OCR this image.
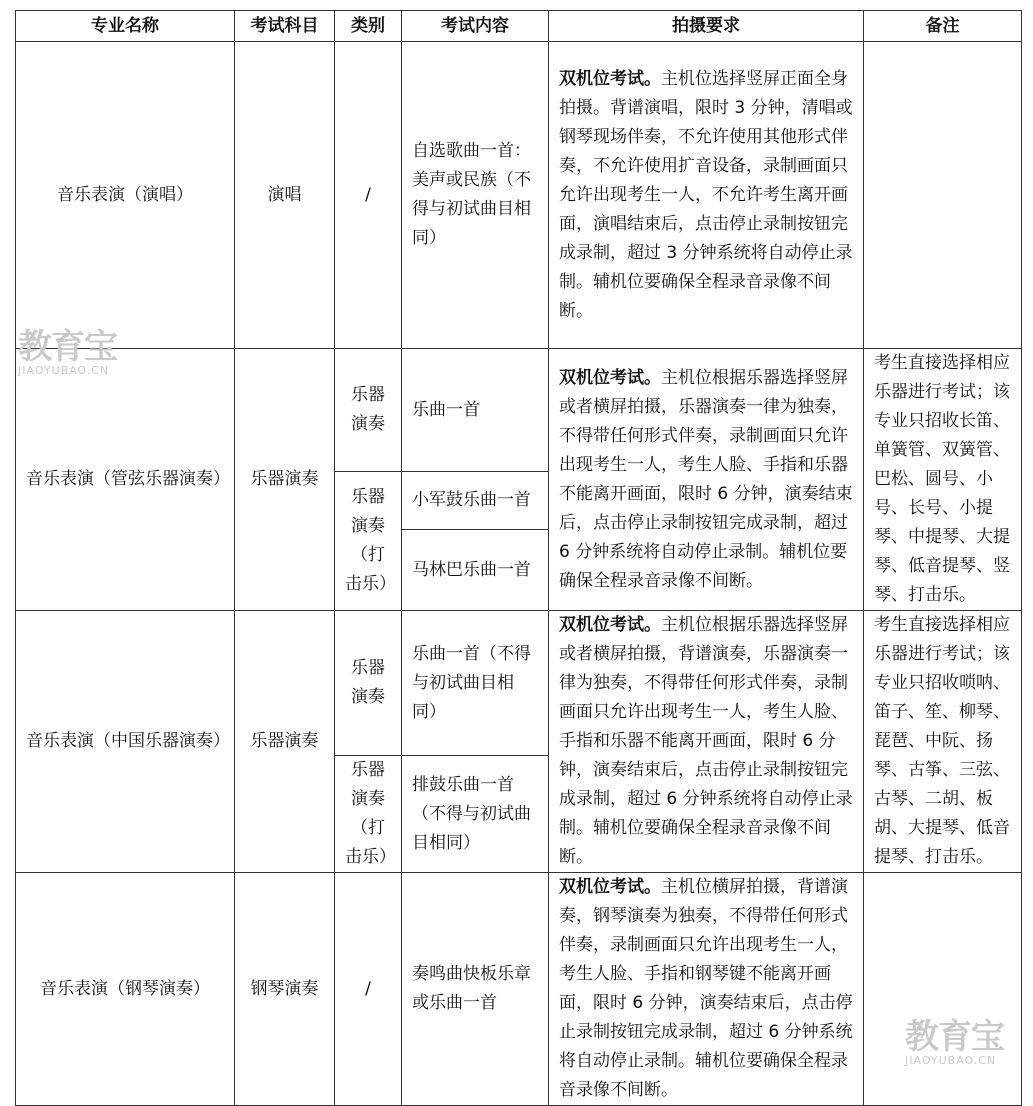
专业名称	考试科目	类别	考试内容	拍摄要求	备注
音乐表演（演唱）	演唱	/	自选歌曲一首：美声或民族（不得与初试曲目相同）	双机位考试。主机位选择竖屏正面全身拍摄。背谱演唱，限时 3 分钟，清唱或钢琴现场伴奏，不允许使用其他形式伴奏，不允许使用扩音设备，录制画面只允许出现考生一人，不允许考生离开画面，演唱结束后，点击停止录制按钮完成录制，超过 3 分钟系统将自动停止录制。辅机位要确保全程录音录像不间断。	
音乐表演（管弦乐器演奏）	乐器演奏	乐器演奏	乐曲一首	双机位考试。主机位根据乐器选择竖屏或者横屏拍摄，乐器演奏一律为独奏，不得带任何形式伴奏，录制画面只允许出现考生一人，考生人脸、手指和乐器不能离开画面，限时 6 分钟，演奏结束后，点击停止录制按钮完成录制，超过 6 分钟系统将自动停止录制。辅机位要确保全程录音录像不间断。	考生直接选择相应乐器进行考试；该专业只招收长笛、单簧管、双簧管、巴松、圆号、小号、长号、小提琴、中提琴、大提琴、低音提琴、竖琴、打击乐。
		乐器演奏（打击乐）	小军鼓乐曲一首		
			马林巴乐曲一首		
音乐表演（中国乐器演奏）	乐器演奏	乐器演奏	乐曲一首（不得与初试曲目相同）	双机位考试。主机位根据乐器选择竖屏或者横屏拍摄，背谱演奏，乐器演奏一律为独奏，不得带任何形式伴奏，录制画面只允许出现考生一人，考生人脸、手指和乐器不能离开画面，限时 6 分钟，演奏结束后，点击停止录制按钮完成录制，超过 6 分钟系统将自动停止录制。辅机位要确保全程录音录像不间断。	考生直接选择相应乐器进行考试；该专业只招收唢呐、笛子、笙、柳琴、琵琶、中阮、扬琴、古筝、三弦、古琴、二胡、板胡、大提琴、低音提琴、打击乐。
		乐器演奏（打击乐）	排鼓乐曲一首（不得与初试曲目相同）		
音乐表演（钢琴演奏）	钢琴演奏	/	奏鸣曲快板乐章或乐曲一首	双机位考试。主机位横屏拍摄，背谱演奏，钢琴演奏为独奏，不得带任何形式伴奏，录制画面只允许出现考生一人，考生人脸、手指和钢琴键不能离开画面，限时 6 分钟，演奏结束后，点击停止录制按钮完成录制，超过 6 分钟系统将自动停止录制。辅机位要确保全程录音录像不间断。	
教育宝
JIAOYUBAO.CN
教育宝
JIAOYUBAO.CN
